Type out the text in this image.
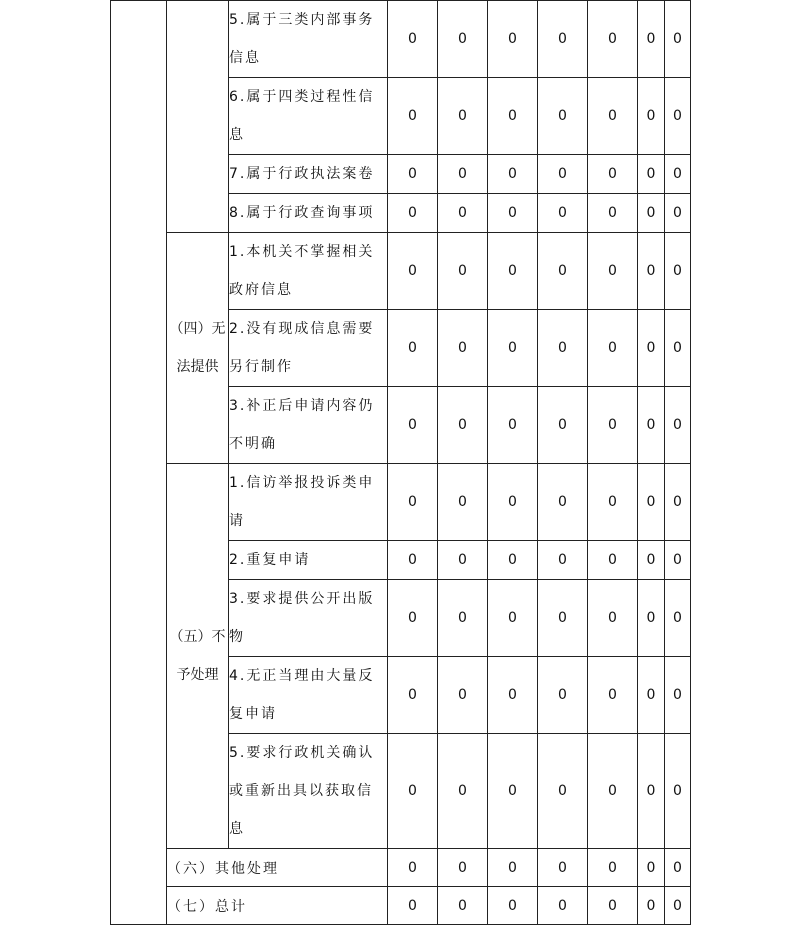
		5.属于三类内部事务信息	0	0	0	0	0	0	0
		6.属于四类过程性信息	0	0	0	0	0	0	0
		7.属于行政执法案卷	0	0	0	0	0	0	0
		8.属于行政查询事项	0	0	0	0	0	0	0
	（四）无法提供	1.本机关不掌握相关政府信息	0	0	0	0	0	0	0
		2.没有现成信息需要另行制作	0	0	0	0	0	0	0
		3.补正后申请内容仍不明确	0	0	0	0	0	0	0
	（五）不予处理	1.信访举报投诉类申请	0	0	0	0	0	0	0
		2.重复申请	0	0	0	0	0	0	0
		3.要求提供公开出版物	0	0	0	0	0	0	0
		4.无正当理由大量反复申请	0	0	0	0	0	0	0
		5.要求行政机关确认或重新出具以获取信息	0	0	0	0	0	0	0
	（六）其他处理		0	0	0	0	0	0	0
	（七）总计		0	0	0	0	0	0	0
